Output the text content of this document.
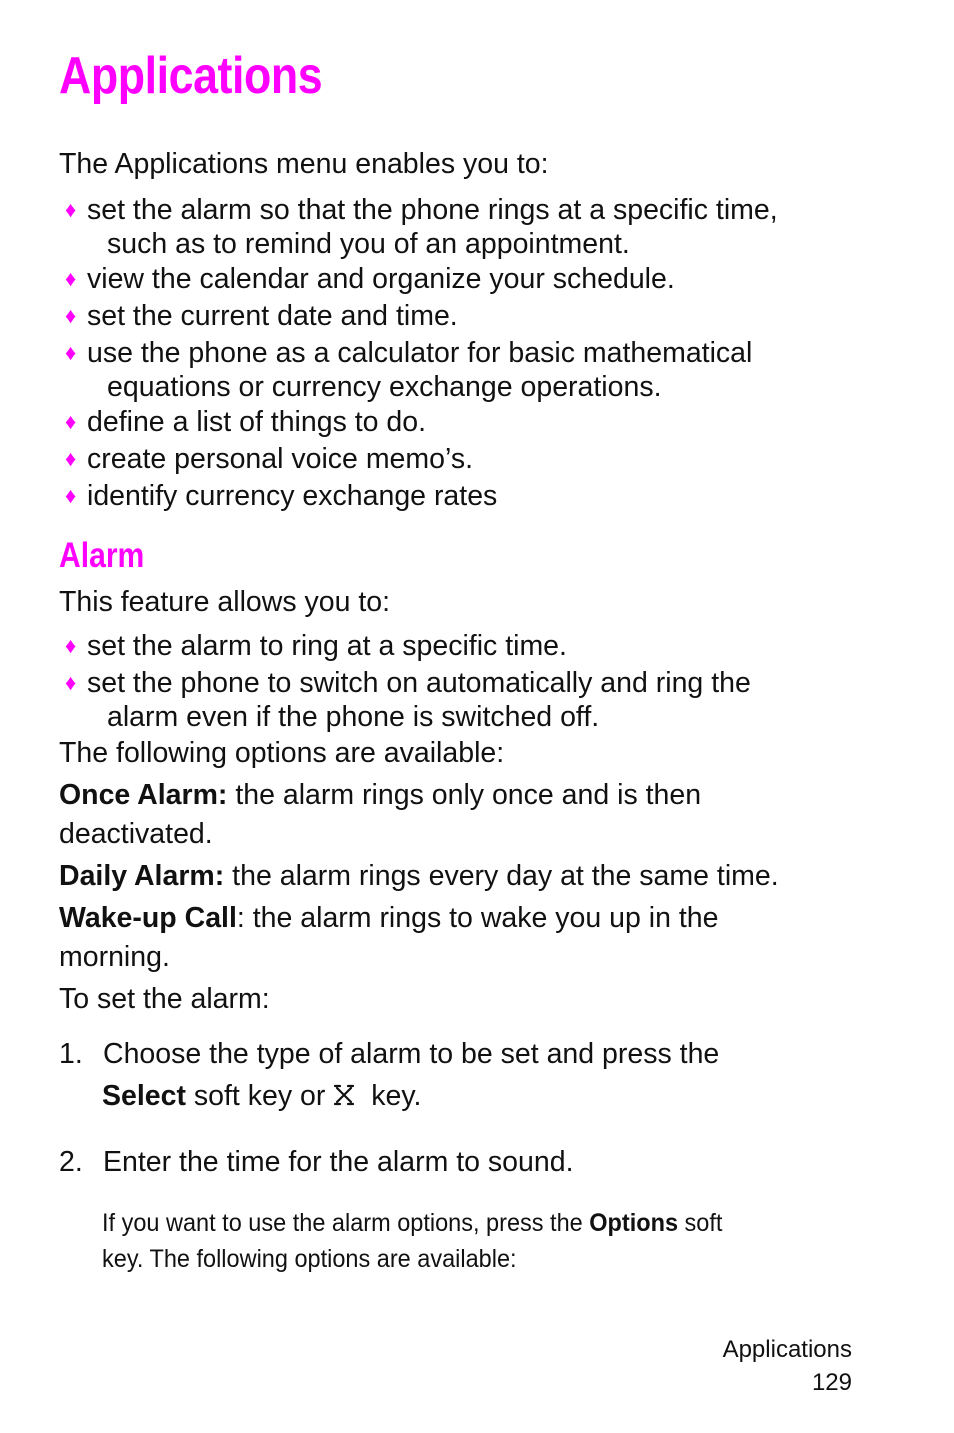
Applications
The Applications menu enables you to:
♦ set the alarm so that the phone rings at a specific time,
such as to remind you of an appointment.
♦ view the calendar and organize your schedule.
♦ set the current date and time.
♦ use the phone as a calculator for basic mathematical
equations or currency exchange operations.
♦ define a list of things to do.
♦ create personal voice memo’s.
♦ identify currency exchange rates
Alarm
This feature allows you to:
♦ set the alarm to ring at a specific time.
♦ set the phone to switch on automatically and ring the
alarm even if the phone is switched off.
The following options are available:
Once Alarm: the alarm rings only once and is then
deactivated.
Daily Alarm: the alarm rings every day at the same time.
Wake-up Call: the alarm rings to wake you up in the
morning.
To set the alarm:
1. Choose the type of alarm to be set and press the
Select soft key or key.
2. Enter the time for the alarm to sound.
If you want to use the alarm options, press the Options soft
key. The following options are available:
Applications
129
